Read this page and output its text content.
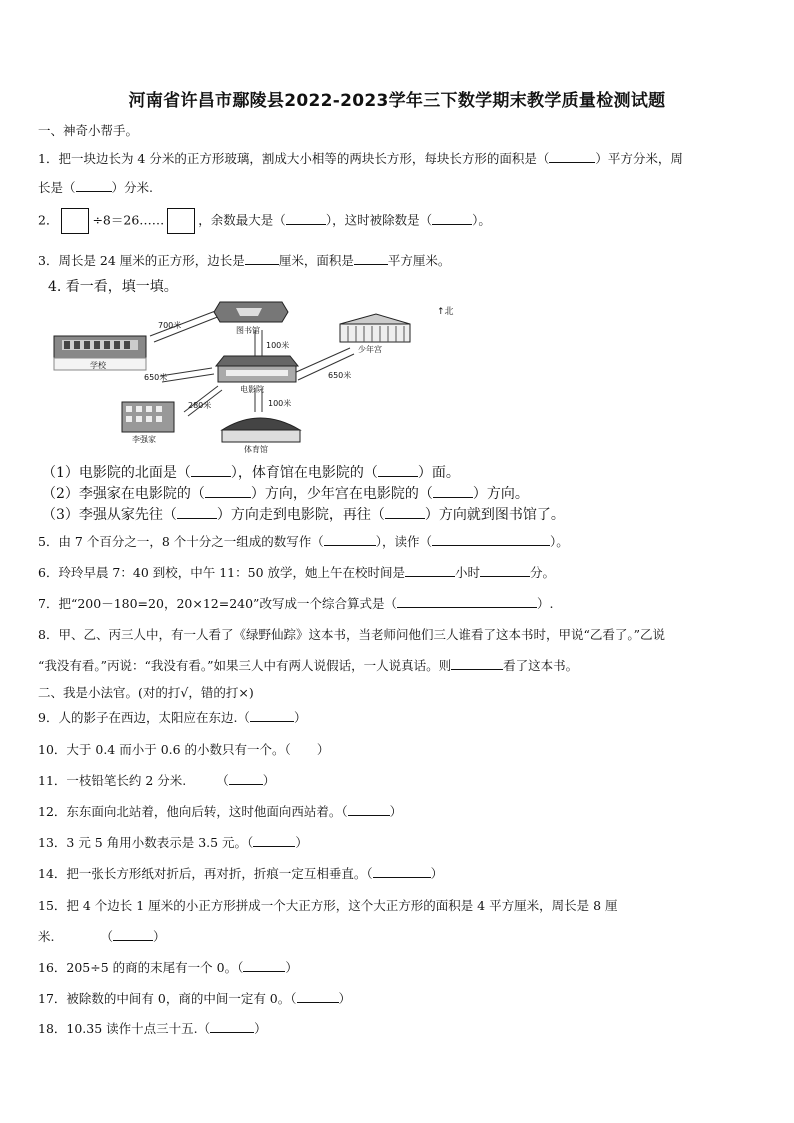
河南省许昌市鄢陵县2022-2023学年三下数学期末教学质量检测试题
一、神奇小帮手。
1．把一块边长为 4 分米的正方形玻璃，割成大小相等的两块长方形，每块长方形的面积是（	）平方分米，周
长是（	）分米.
2．	÷8＝26……	，余数最大是（	），这时被除数是（	）。
3．周长是 24 厘米的正方形，边长是	厘米，面积是	平方厘米。
4. 看一看，填一填。
700米
图书馆
100米
学校
少年宫
650米
电影院
650米
280米	100米
李强家
体育馆
↑北
（1）电影院的北面是（	），体育馆在电影院的（	）面。
（2）李强家在电影院的（	）方向，少年宫在电影院的（	）方向。
（3）李强从家先往（	）方向走到电影院，再往（	）方向就到图书馆了。
5．由 7 个百分之一，8 个十分之一组成的数写作（	），读作（	）。
6．玲玲早晨 7：40 到校，中午 11：50 放学，她上午在校时间是	小时	分。
7．把“200－180=20，20×12=240”改写成一个综合算式是（	）.
8．甲、乙、丙三人中，有一人看了《绿野仙踪》这本书，当老师问他们三人谁看了这本书时，甲说“乙看了。”乙说
“我没有看。”丙说：“我没有看。”如果三人中有两人说假话，一人说真话。则	看了这本书。
二、我是小法官。(对的打√，错的打×)
9．人的影子在西边，太阳应在东边.（	）
10．大于 0.4 而小于 0.6 的小数只有一个。（ ）
11．一枝铅笔长约 2 分米. （	）
12．东东面向北站着，他向后转，这时他面向西站着。（	）
13．3 元 5 角用小数表示是 3.5 元。（	）
14．把一张长方形纸对折后，再对折，折痕一定互相垂直。（	）
15．把 4 个边长 1 厘米的小正方形拼成一个大正方形，这个大正方形的面积是 4 平方厘米，周长是 8 厘
米.	（	）
16．205÷5 的商的末尾有一个 0。（	）
17．被除数的中间有 0，商的中间一定有 0。（	）
18．10.35 读作十点三十五.（	）
